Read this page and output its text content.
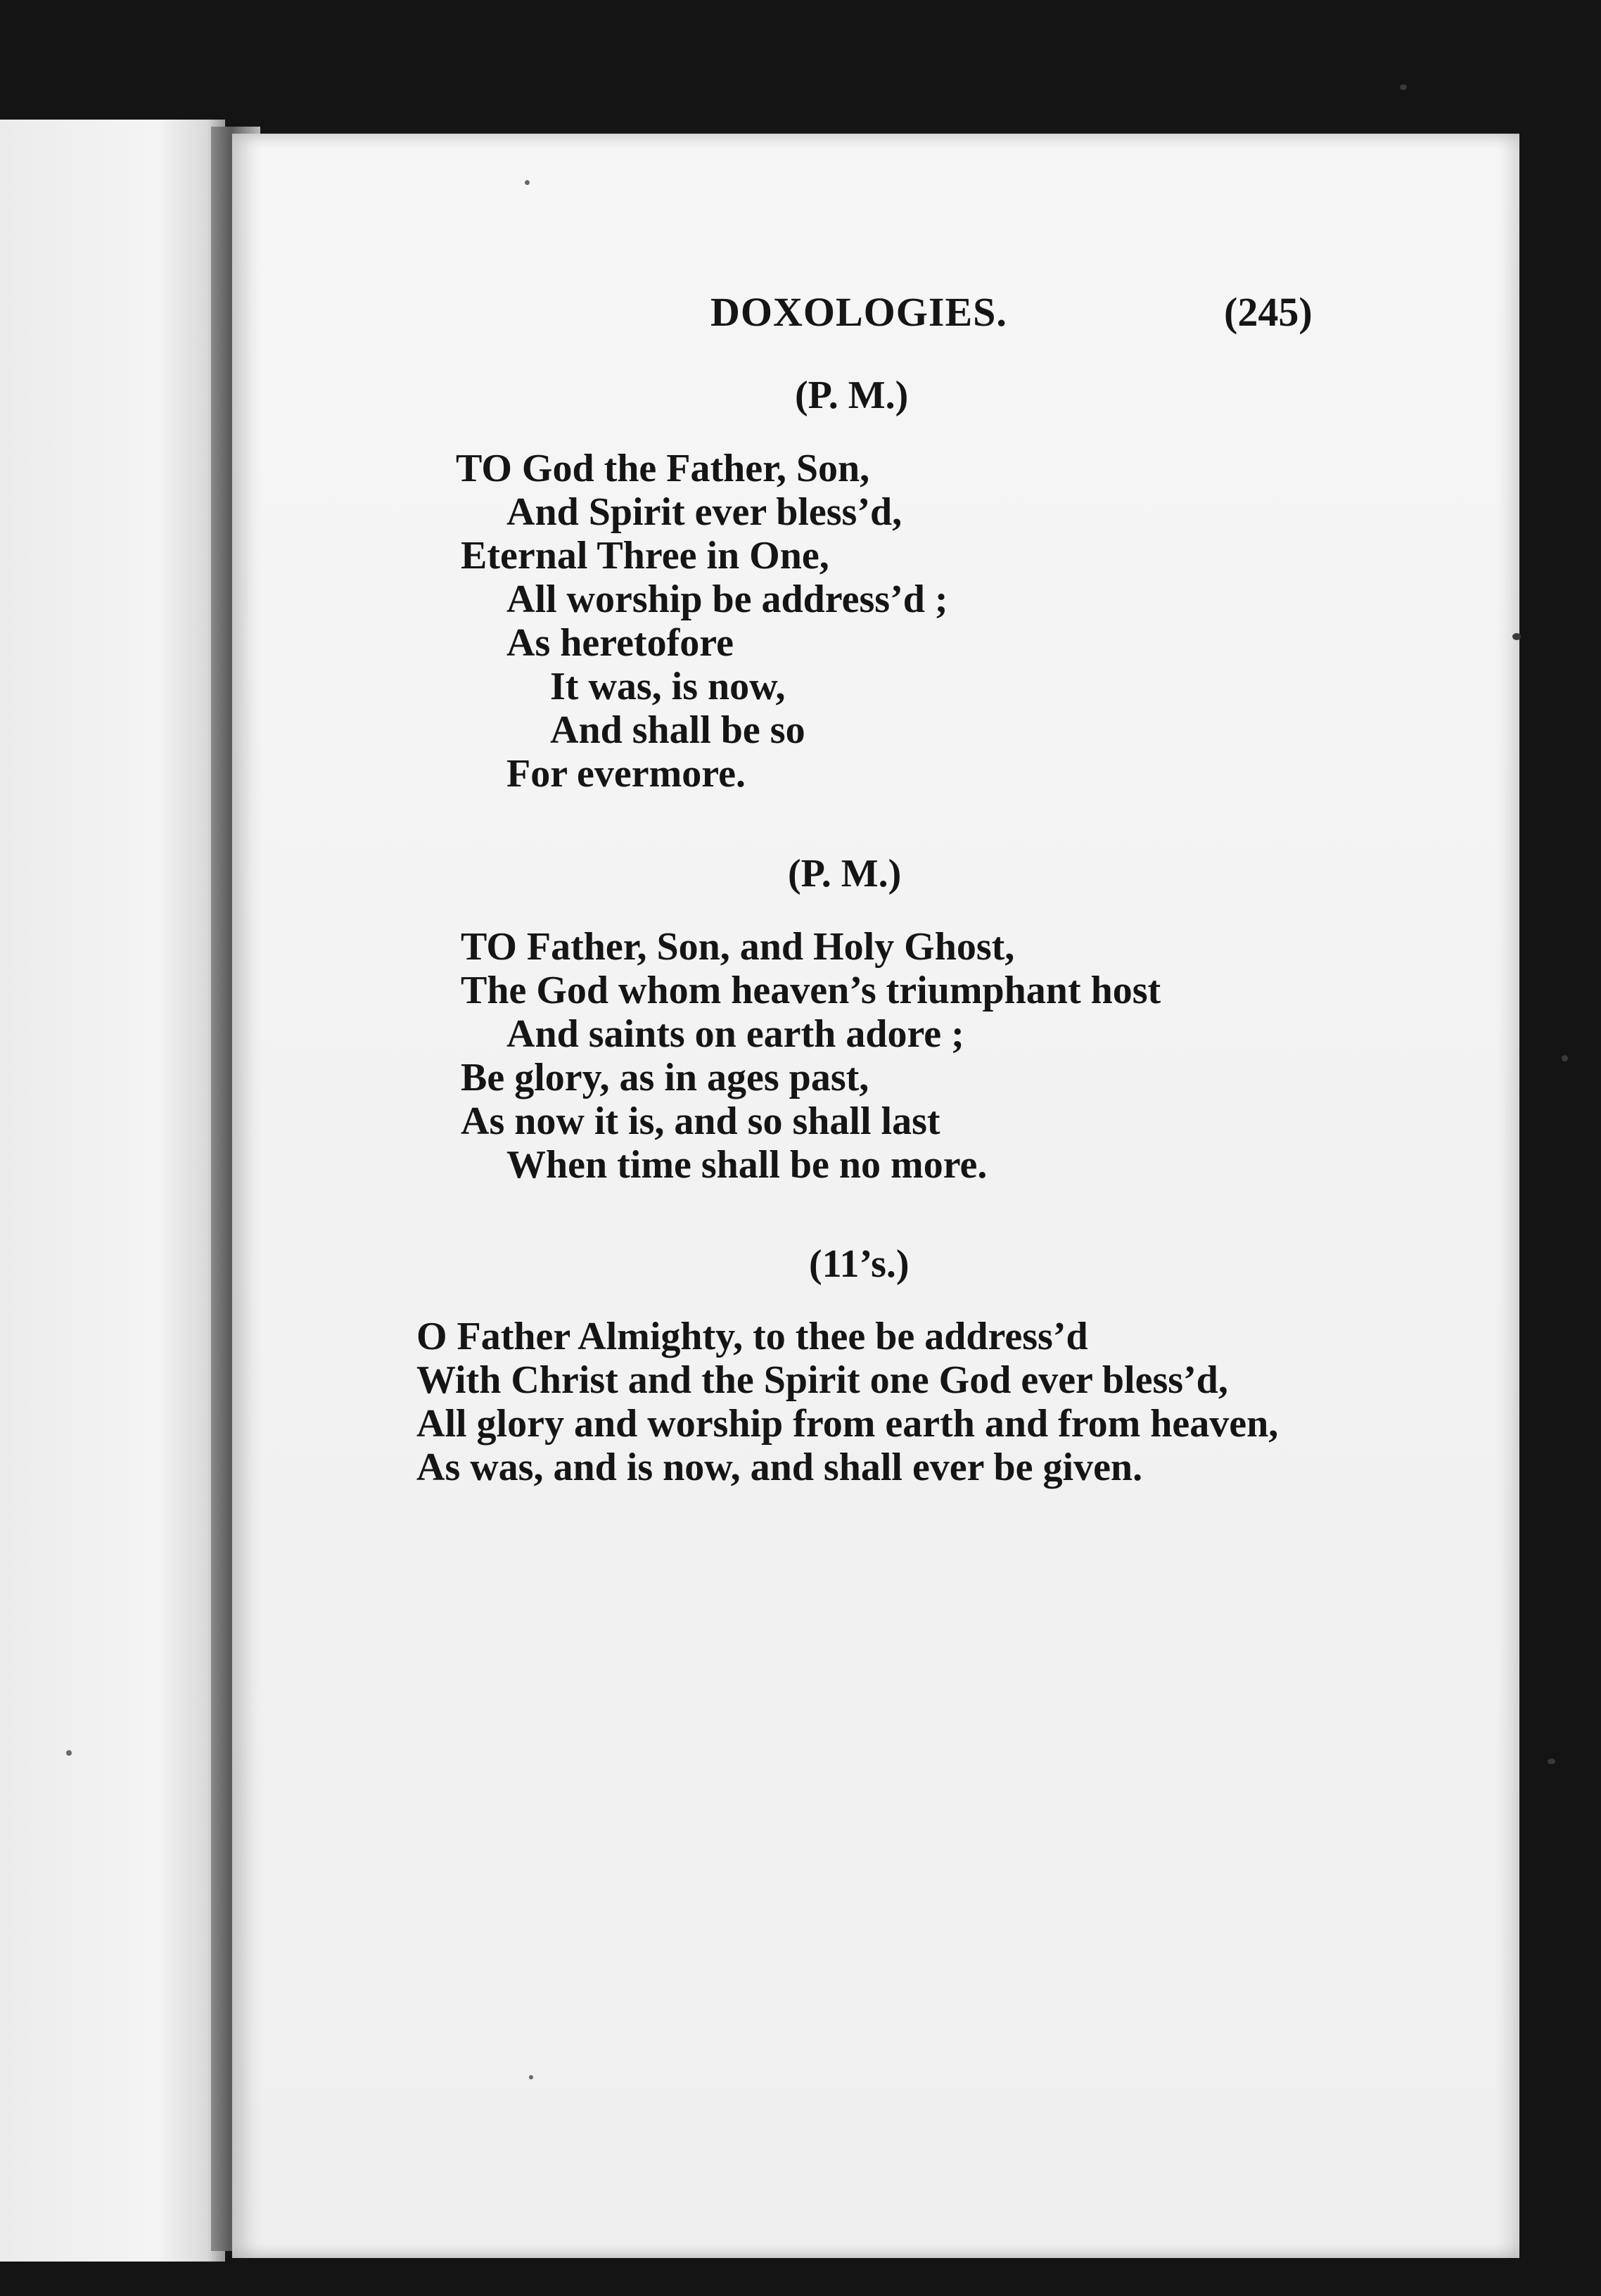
DOXOLOGIES.	(245)
(P. M.)
TO God the Father, Son,
And Spirit ever bless’d,
Eternal Three in One,
All worship be address’d ;
As heretofore
It was, is now,
And shall be so
For evermore.
(P. M.)
TO Father, Son, and Holy Ghost,
The God whom heaven’s triumphant host
And saints on earth adore ;
Be glory, as in ages past,
As now it is, and so shall last
When time shall be no more.
(11’s.)
O Father Almighty, to thee be address’d
With Christ and the Spirit one God ever bless’d,
All glory and worship from earth and from heaven,
As was, and is now, and shall ever be given.
